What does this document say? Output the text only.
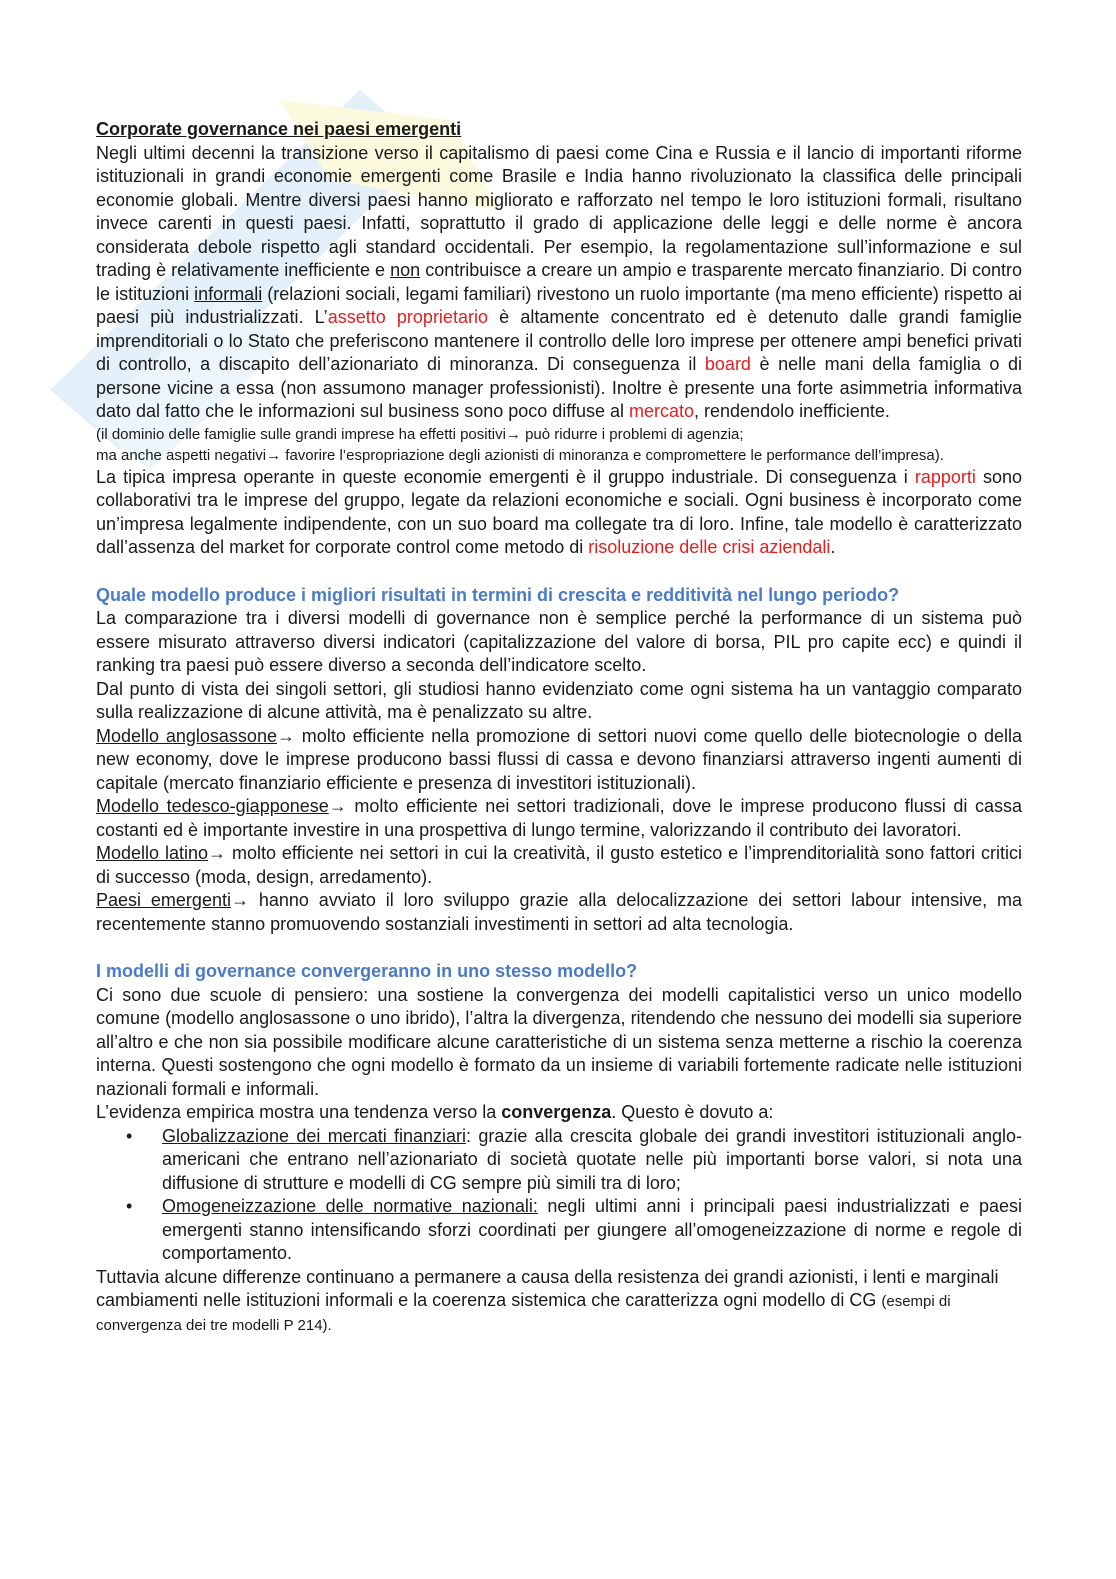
Corporate governance nei paesi emergenti

Negli ultimi decenni la transizione verso il capitalismo di paesi come Cina e Russia e il lancio di importanti riforme istituzionali in grandi economie emergenti come Brasile e India hanno rivoluzionato la classifica delle principali economie globali. Mentre diversi paesi hanno migliorato e rafforzato nel tempo le loro istituzioni formali, risultano invece carenti in questi paesi. Infatti, soprattutto il grado di applicazione delle leggi e delle norme è ancora considerata debole rispetto agli standard occidentali. Per esempio, la regolamentazione sull’informazione e sul trading è relativamente inefficiente e non contribuisce a creare un ampio e trasparente mercato finanziario. Di contro le istituzioni informali (relazioni sociali, legami familiari) rivestono un ruolo importante (ma meno efficiente) rispetto ai paesi più industrializzati. L’assetto proprietario è altamente concentrato ed è detenuto dalle grandi famiglie imprenditoriali o lo Stato che preferiscono mantenere il controllo delle loro imprese per ottenere ampi benefici privati di controllo, a discapito dell’azionariato di minoranza. Di conseguenza il board è nelle mani della famiglia o di persone vicine a essa (non assumono manager professionisti). Inoltre è presente una forte asimmetria informativa dato dal fatto che le informazioni sul business sono poco diffuse al mercato, rendendolo inefficiente.

(il dominio delle famiglie sulle grandi imprese ha effetti positivi→ può ridurre i problemi di agenzia;

ma anche aspetti negativi→ favorire l’espropriazione degli azionisti di minoranza e compromettere le performance dell’impresa).

La tipica impresa operante in queste economie emergenti è il gruppo industriale. Di conseguenza i rapporti sono collaborativi tra le imprese del gruppo, legate da relazioni economiche e sociali. Ogni business è incorporato come un’impresa legalmente indipendente, con un suo board ma collegate tra di loro. Infine, tale modello è caratterizzato dall’assenza del market for corporate control come metodo di risoluzione delle crisi aziendali.

Quale modello produce i migliori risultati in termini di crescita e redditività nel lungo periodo?

La comparazione tra i diversi modelli di governance non è semplice perché la performance di un sistema può essere misurato attraverso diversi indicatori (capitalizzazione del valore di borsa, PIL pro capite ecc) e quindi il ranking tra paesi può essere diverso a seconda dell’indicatore scelto.

Dal punto di vista dei singoli settori, gli studiosi hanno evidenziato come ogni sistema ha un vantaggio comparato sulla realizzazione di alcune attività, ma è penalizzato su altre.

Modello anglosassone→ molto efficiente nella promozione di settori nuovi come quello delle biotecnologie o della new economy, dove le imprese producono bassi flussi di cassa e devono finanziarsi attraverso ingenti aumenti di capitale (mercato finanziario efficiente e presenza di investitori istituzionali).

Modello tedesco-giapponese→ molto efficiente nei settori tradizionali, dove le imprese producono flussi di cassa costanti ed è importante investire in una prospettiva di lungo termine, valorizzando il contributo dei lavoratori.

Modello latino→ molto efficiente nei settori in cui la creatività, il gusto estetico e l’imprenditorialità sono fattori critici di successo (moda, design, arredamento).

Paesi emergenti→ hanno avviato il loro sviluppo grazie alla delocalizzazione dei settori labour intensive, ma recentemente stanno promuovendo sostanziali investimenti in settori ad alta tecnologia.

I modelli di governance convergeranno in uno stesso modello?

Ci sono due scuole di pensiero: una sostiene la convergenza dei modelli capitalistici verso un unico modello comune (modello anglosassone o uno ibrido), l’altra la divergenza, ritendendo che nessuno dei modelli sia superiore all’altro e che non sia possibile modificare alcune caratteristiche di un sistema senza metterne a rischio la coerenza interna. Questi sostengono che ogni modello è formato da un insieme di variabili fortemente radicate nelle istituzioni nazionali formali e informali.

L’evidenza empirica mostra una tendenza verso la convergenza. Questo è dovuto a:

• Globalizzazione dei mercati finanziari: grazie alla crescita globale dei grandi investitori istituzionali anglo-americani che entrano nell’azionariato di società quotate nelle più importanti borse valori, si nota una diffusione di strutture e modelli di CG sempre più simili tra di loro;
• Omogeneizzazione delle normative nazionali: negli ultimi anni i principali paesi industrializzati e paesi emergenti stanno intensificando sforzi coordinati per giungere all’omogeneizzazione di norme e regole di comportamento.

Tuttavia alcune differenze continuano a permanere a causa della resistenza dei grandi azionisti, i lenti e marginali cambiamenti nelle istituzioni informali e la coerenza sistemica che caratterizza ogni modello di CG (esempi di convergenza dei tre modelli P 214).
